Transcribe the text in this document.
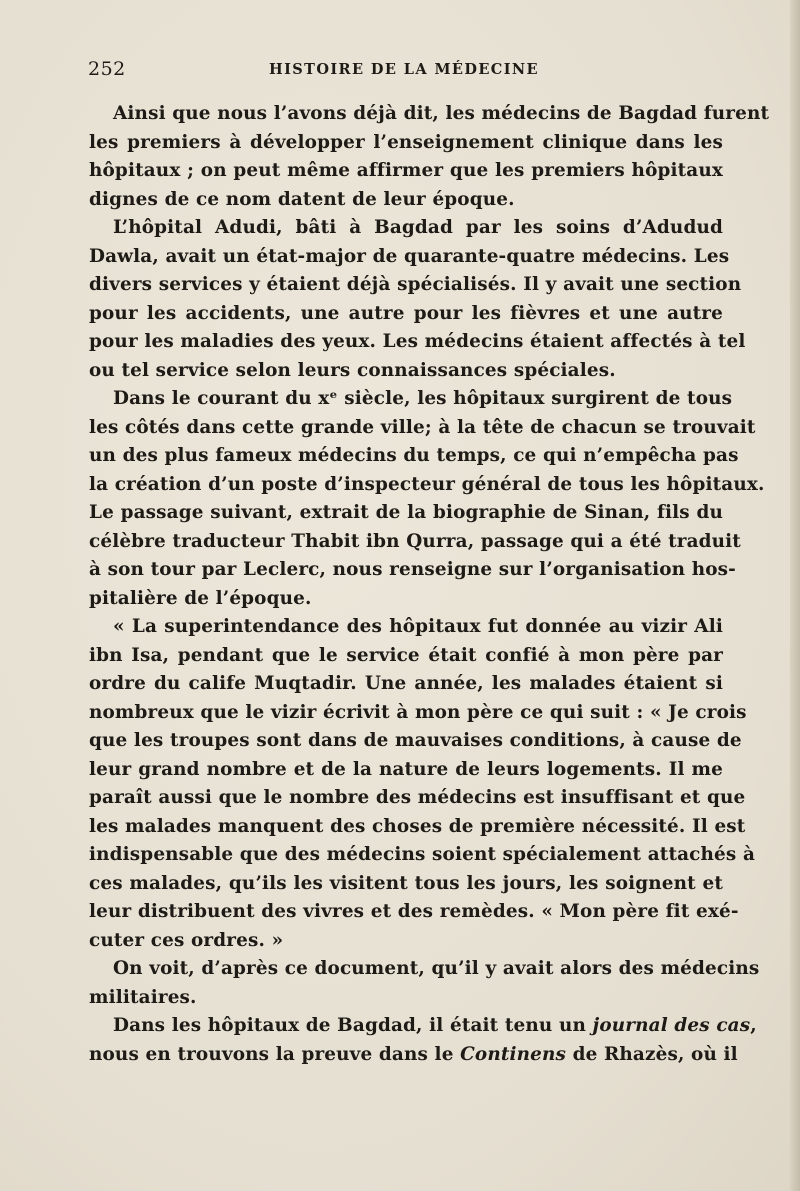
252	HISTOIRE DE LA MÉDECINE
Ainsi que nous l’avons déjà dit, les médecins de Bagdad furent
les premiers à développer l’enseignement clinique dans les
hôpitaux ; on peut même affirmer que les premiers hôpitaux
dignes de ce nom datent de leur époque.
L’hôpital Adudi, bâti à Bagdad par les soins d’Adudud
Dawla, avait un état-major de quarante-quatre médecins. Les
divers services y étaient déjà spécialisés. Il y avait une section
pour les accidents, une autre pour les fièvres et une autre
pour les maladies des yeux. Les médecins étaient affectés à tel
ou tel service selon leurs connaissances spéciales.
Dans le courant du xᵉ siècle, les hôpitaux surgirent de tous
les côtés dans cette grande ville; à la tête de chacun se trouvait
un des plus fameux médecins du temps, ce qui n’empêcha pas
la création d’un poste d’inspecteur général de tous les hôpitaux.
Le passage suivant, extrait de la biographie de Sinan, fils du
célèbre traducteur Thabit ibn Qurra, passage qui a été traduit
à son tour par Leclerc, nous renseigne sur l’organisation hos-
pitalière de l’époque.
« La superintendance des hôpitaux fut donnée au vizir Ali
ibn Isa, pendant que le service était confié à mon père par
ordre du calife Muqtadir. Une année, les malades étaient si
nombreux que le vizir écrivit à mon père ce qui suit : « Je crois
que les troupes sont dans de mauvaises conditions, à cause de
leur grand nombre et de la nature de leurs logements. Il me
paraît aussi que le nombre des médecins est insuffisant et que
les malades manquent des choses de première nécessité. Il est
indispensable que des médecins soient spécialement attachés à
ces malades, qu’ils les visitent tous les jours, les soignent et
leur distribuent des vivres et des remèdes. « Mon père fit exé-
cuter ces ordres. »
On voit, d’après ce document, qu’il y avait alors des médecins
militaires.
Dans les hôpitaux de Bagdad, il était tenu un journal des cas,
nous en trouvons la preuve dans le Continens de Rhazès, où il
